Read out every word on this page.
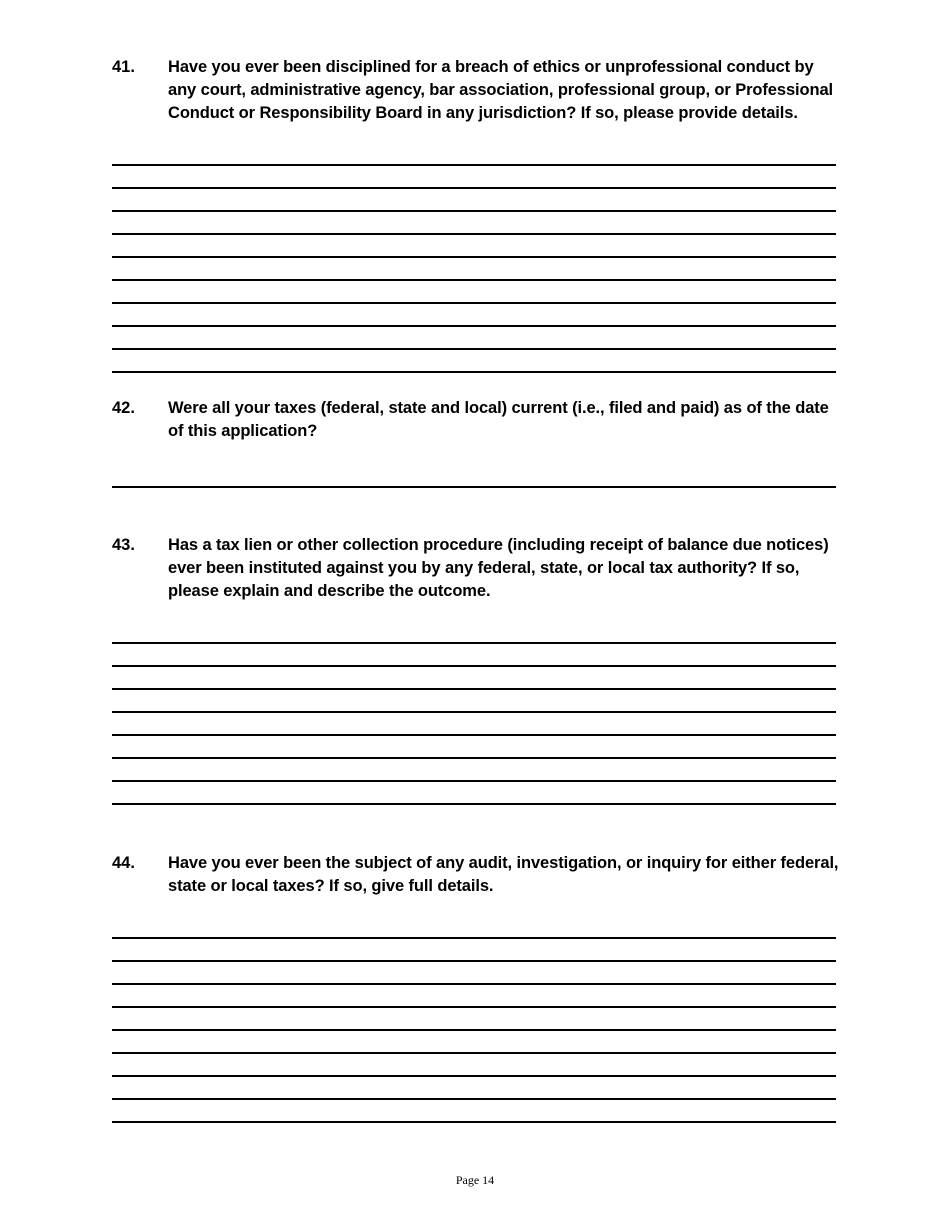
41.	Have you ever been disciplined for a breach of ethics or unprofessional conduct by any court, administrative agency, bar association, professional group, or Professional Conduct or Responsibility Board in any jurisdiction? If so, please provide details.
42.	Were all your taxes (federal, state and local) current (i.e., filed and paid) as of the date of this application?
43.	Has a tax lien or other collection procedure (including receipt of balance due notices) ever been instituted against you by any federal, state, or local tax authority? If so, please explain and describe the outcome.
44.	Have you ever been the subject of any audit, investigation, or inquiry for either federal, state or local taxes? If so, give full details.
Page 14
